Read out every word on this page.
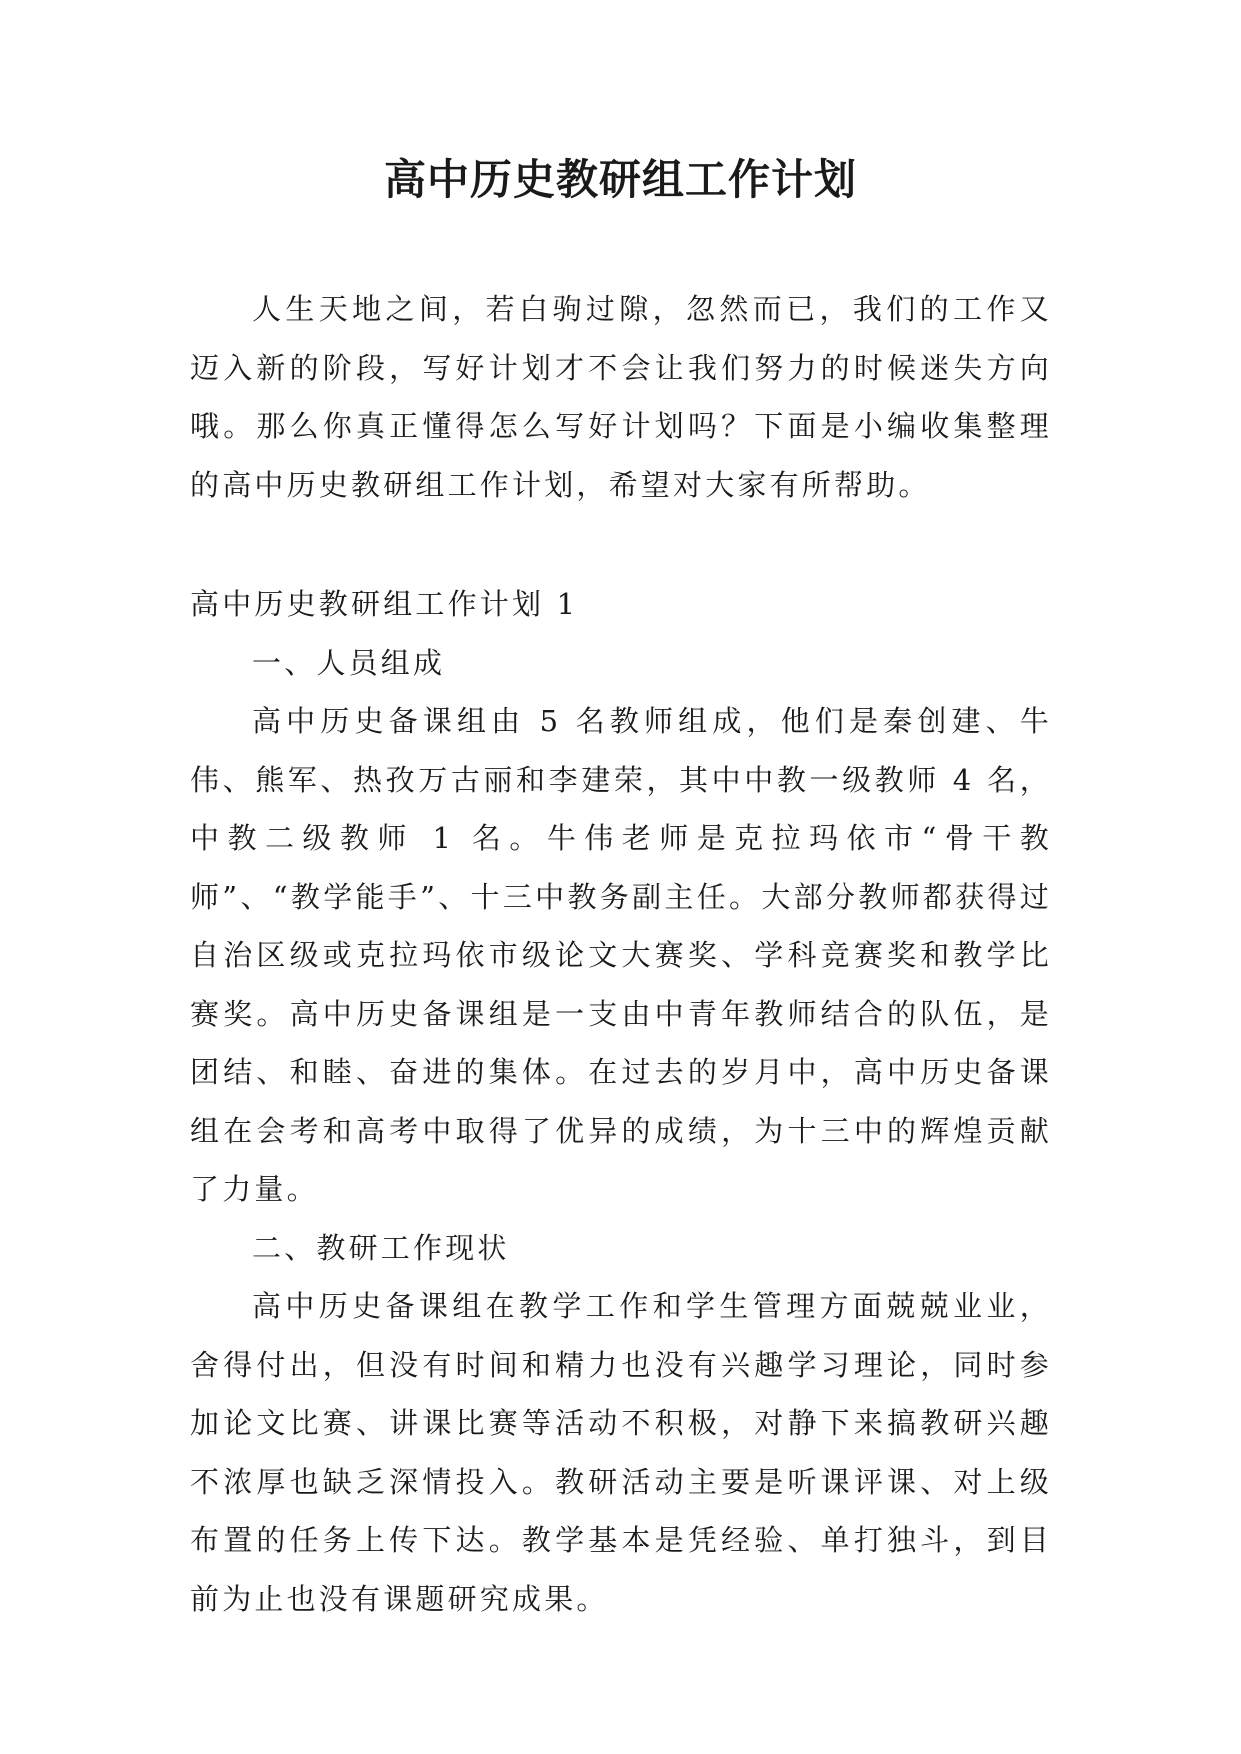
高中历史教研组工作计划

人生天地之间，若白驹过隙，忽然而已，我们的工作又迈入新的阶段，写好计划才不会让我们努力的时候迷失方向哦。那么你真正懂得怎么写好计划吗？下面是小编收集整理的高中历史教研组工作计划，希望对大家有所帮助。

高中历史教研组工作计划 1

一、人员组成

高中历史备课组由 5 名教师组成，他们是秦创建、牛伟、熊军、热孜万古丽和李建荣，其中中教一级教师 4 名，中教二级教师 1 名。牛伟老师是克拉玛依市“骨干教师”、“教学能手”、十三中教务副主任。大部分教师都获得过自治区级或克拉玛依市级论文大赛奖、学科竞赛奖和教学比赛奖。高中历史备课组是一支由中青年教师结合的队伍，是团结、和睦、奋进的集体。在过去的岁月中，高中历史备课组在会考和高考中取得了优异的成绩，为十三中的辉煌贡献了力量。

二、教研工作现状

高中历史备课组在教学工作和学生管理方面兢兢业业，舍得付出，但没有时间和精力也没有兴趣学习理论，同时参加论文比赛、讲课比赛等活动不积极，对静下来搞教研兴趣不浓厚也缺乏深情投入。教研活动主要是听课评课、对上级布置的任务上传下达。教学基本是凭经验、单打独斗，到目前为止也没有课题研究成果。
